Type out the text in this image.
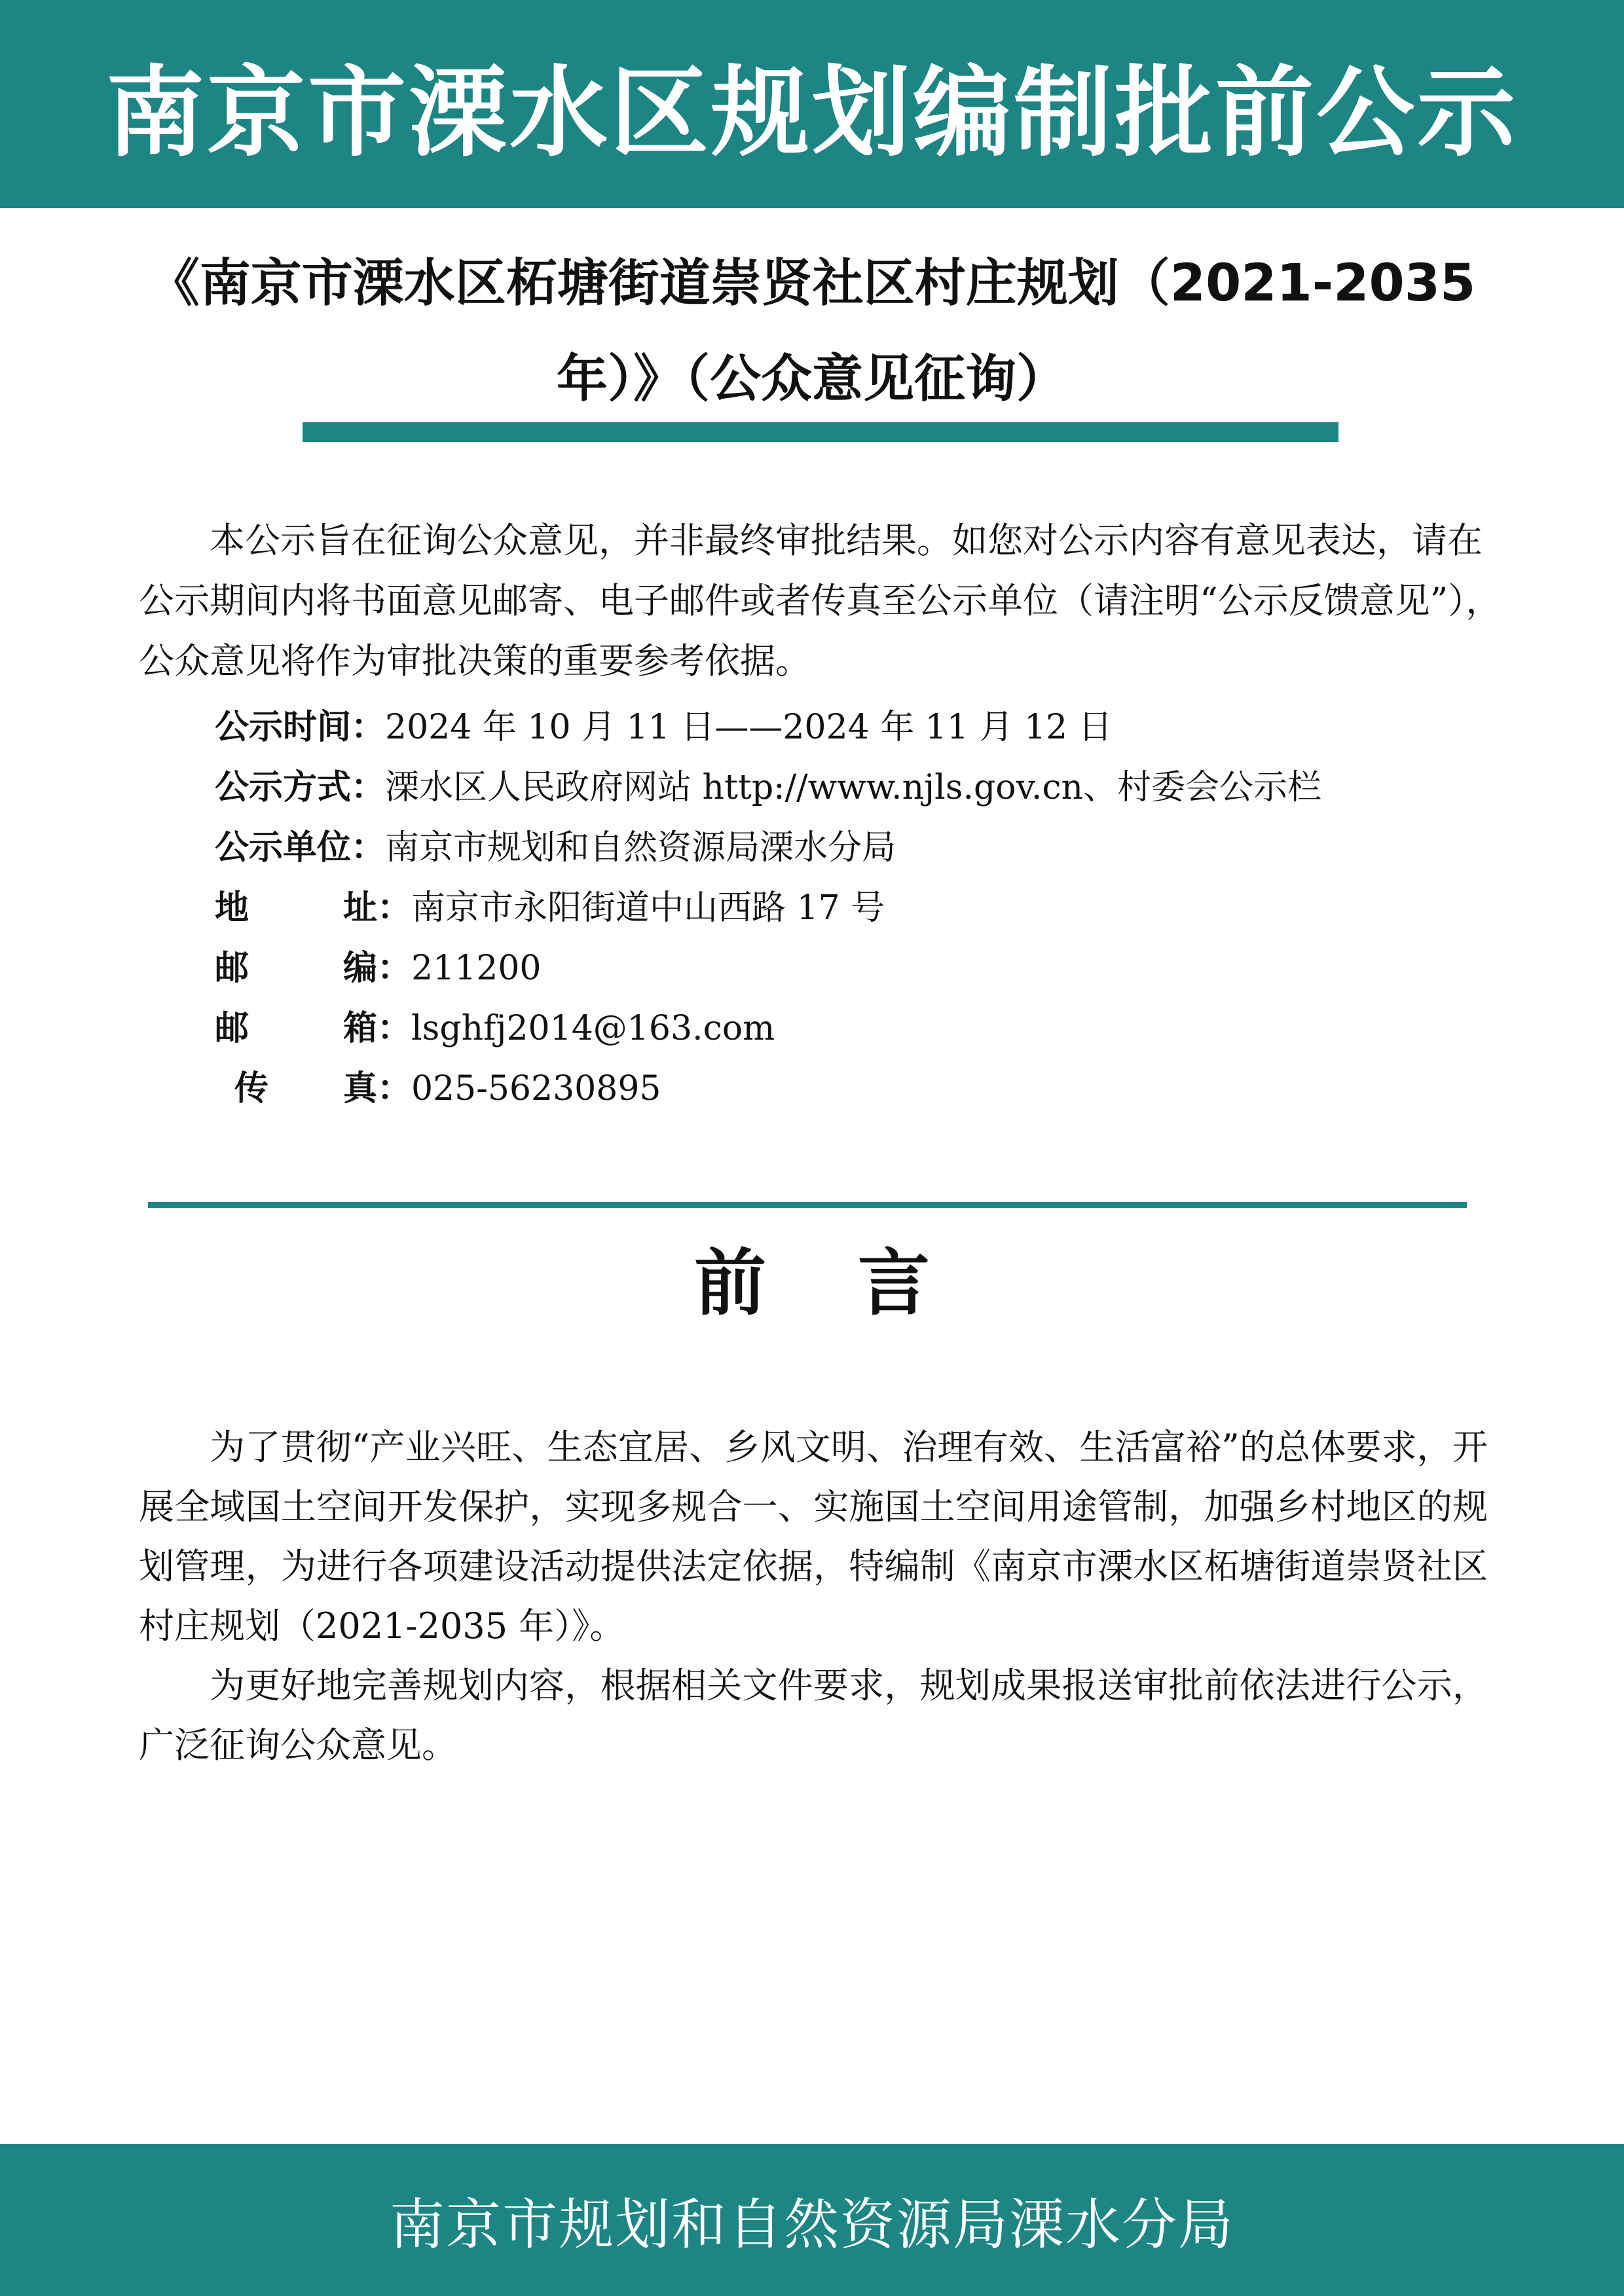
南京市溧水区规划编制批前公示
《南京市溧水区柘塘街道崇贤社区村庄规划（2021-2035
年）》（公众意见征询）

本公示旨在征询公众意见，并非最终审批结果。如您对公示内容有意见表达，请在公示期间内将书面意见邮寄、电子邮件或者传真至公示单位（请注明“公示反馈意见”），公众意见将作为审批决策的重要参考依据。

公示时间： 2024 年 10 月 11 日——2024 年 11 月 12 日
公示方式： 溧水区人民政府网站 http://www.njls.gov.cn、村委会公示栏
公示单位： 南京市规划和自然资源局溧水分局
地	址： 南京市永阳街道中山西路 17 号
邮	编： 211200
邮	箱： lsghfj2014@163.com
传 真： 025-56230895
前言

为了贯彻“产业兴旺、生态宜居、乡风文明、治理有效、生活富裕”的总体要求，开展全域国土空间开发保护，实现多规合一、实施国土空间用途管制，加强乡村地区的规划管理，为进行各项建设活动提供法定依据，特编制《南京市溧水区柘塘街道崇贤社区村庄规划（2021-2035 年）》。

为更好地完善规划内容，根据相关文件要求，规划成果报送审批前依法进行公示，广泛征询公众意见。

南京市规划和自然资源局溧水分局
